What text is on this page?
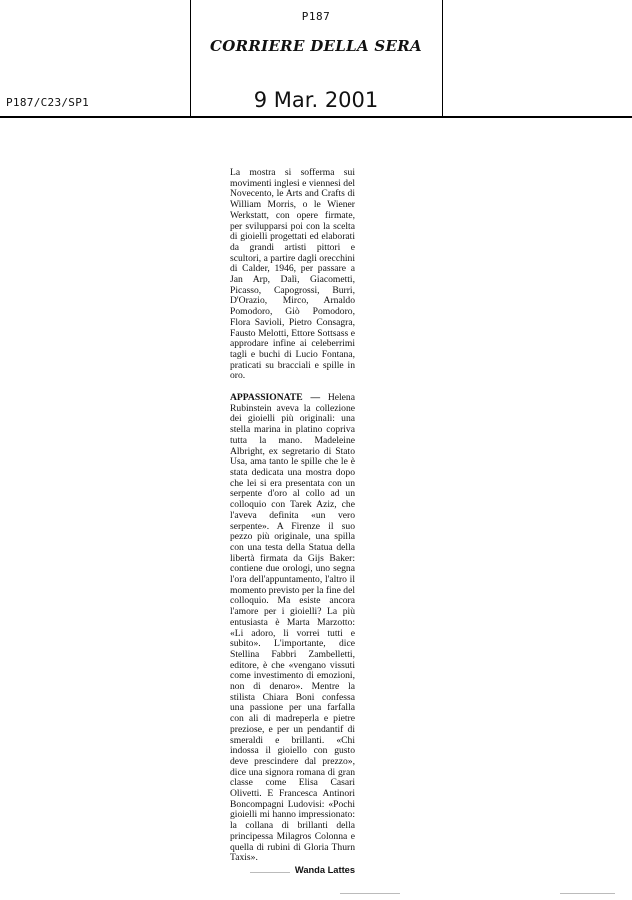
P187
CORRIERE DELLA SERA
P187/C23/SP1	9 Mar. 2001

La mostra si sofferma sui movimenti inglesi e viennesi del Novecento, le Arts and Crafts di William Morris, o le Wiener Werkstatt, con opere firmate, per svilupparsi poi con la scelta di gioielli progettati ed elaborati da grandi artisti pittori e scultori, a partire dagli orecchini di Calder, 1946, per passare a Jan Arp, Dalì, Giacometti, Picasso, Capogrossi, Burri, D'Orazio, Mirco, Arnaldo Pomodoro, Giò Pomodoro, Flora Savioli, Pietro Consagra, Fausto Melotti, Ettore Sottsass e approdare infine ai celeberrimi tagli e buchi di Lucio Fontana, praticati su bracciali e spille in oro.

APPASSIONATE — Helena Rubinstein aveva la collezione dei gioielli più originali: una stella marina in platino copriva tutta la mano. Madeleine Albright, ex segretario di Stato Usa, ama tanto le spille che le è stata dedicata una mostra dopo che lei si era presentata con un serpente d'oro al collo ad un colloquio con Tarek Aziz, che l'aveva definita «un vero serpente». A Firenze il suo pezzo più originale, una spilla con una testa della Statua della libertà firmata da Gijs Baker: contiene due orologi, uno segna l'ora dell'appuntamento, l'altro il momento previsto per la fine del colloquio. Ma esiste ancora l'amore per i gioielli? La più entusiasta è Marta Marzotto: «Li adoro, li vorrei tutti e subito». L'importante, dice Stellina Fabbri Zambelletti, editore, è che «vengano vissuti come investimento di emozioni, non di denaro». Mentre la stilista Chiara Boni confessa una passione per una farfalla con ali di madreperla e pietre preziose, e per un pendantif di smeraldi e brillanti. «Chi indossa il gioiello con gusto deve prescindere dal prezzo», dice una signora romana di gran classe come Elisa Casari Olivetti. E Francesca Antinori Boncompagni Ludovisi: «Pochi gioielli mi hanno impressionato: la collana di brillanti della principessa Milagros Colonna e quella di rubini di Gloria Thurn Taxis».

Wanda Lattes
